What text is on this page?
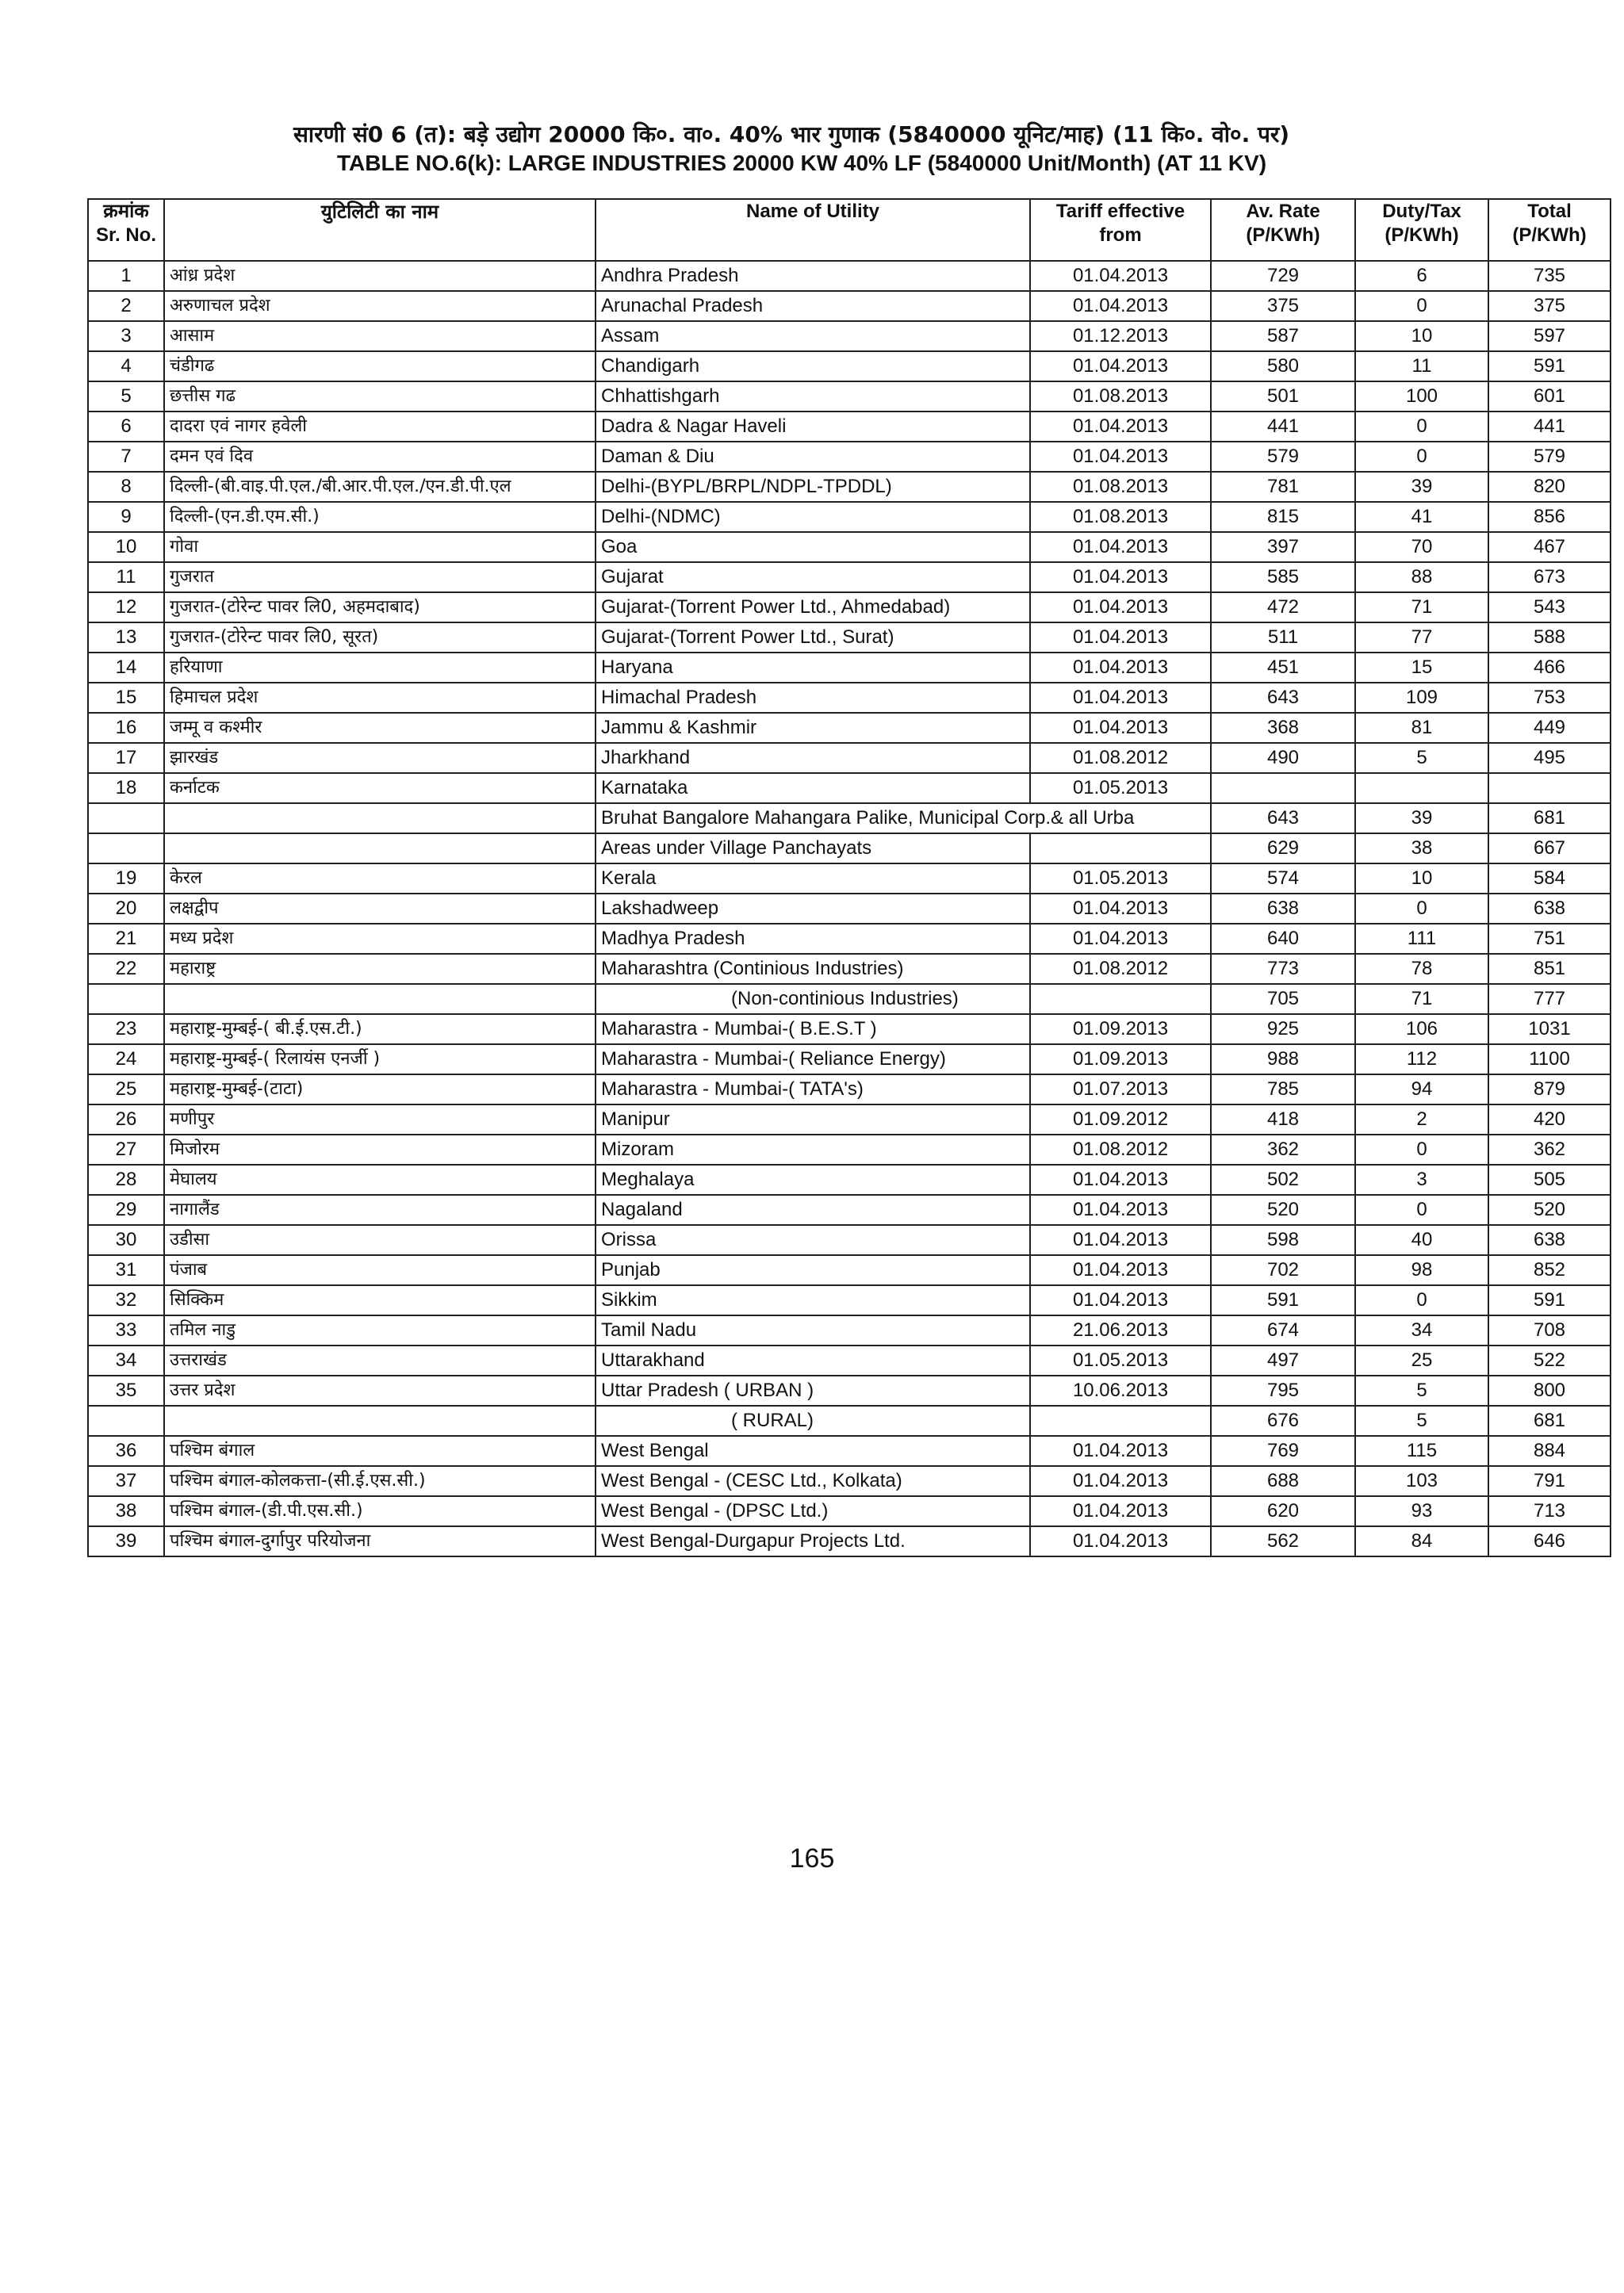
सारणी सं0 6 (त): बड़े उद्योग 20000 कि०. वा०. 40% भार गुणाक (5840000 यूनिट/माह) (11 कि०. वो०. पर)
TABLE NO.6(k): LARGE INDUSTRIES 20000 KW 40% LF (5840000 Unit/Month) (AT 11 KV)
क्रमांक Sr. No.	युटिलिटी का नाम	Name of Utility	Tariff effective from	Av. Rate (P/KWh)	Duty/Tax (P/KWh)	Total (P/KWh)
1	आंध्र प्रदेश	Andhra Pradesh	01.04.2013	729	6	735
2	अरुणाचल प्रदेश	Arunachal Pradesh	01.04.2013	375	0	375
3	आसाम	Assam	01.12.2013	587	10	597
4	चंडीगढ	Chandigarh	01.04.2013	580	11	591
5	छत्तीस गढ	Chhattishgarh	01.08.2013	501	100	601
6	दादरा एवं नागर हवेली	Dadra & Nagar Haveli	01.04.2013	441	0	441
7	दमन एवं दिव	Daman & Diu	01.04.2013	579	0	579
8	दिल्ली-(बी.वाइ.पी.एल./बी.आर.पी.एल./एन.डी.पी.एल	Delhi-(BYPL/BRPL/NDPL-TPDDL)	01.08.2013	781	39	820
9	दिल्ली-(एन.डी.एम.सी.)	Delhi-(NDMC)	01.08.2013	815	41	856
10	गोवा	Goa	01.04.2013	397	70	467
11	गुजरात	Gujarat	01.04.2013	585	88	673
12	गुजरात-(टोरेन्ट पावर लि0, अहमदाबाद)	Gujarat-(Torrent Power Ltd., Ahmedabad)	01.04.2013	472	71	543
13	गुजरात-(टोरेन्ट पावर लि0, सूरत)	Gujarat-(Torrent Power Ltd., Surat)	01.04.2013	511	77	588
14	हरियाणा	Haryana	01.04.2013	451	15	466
15	हिमाचल प्रदेश	Himachal Pradesh	01.04.2013	643	109	753
16	जम्मू व कश्मीर	Jammu & Kashmir	01.04.2013	368	81	449
17	झारखंड	Jharkhand	01.08.2012	490	5	495
18	कर्नाटक	Karnataka	01.05.2013			
		Bruhat Bangalore Mahangara Palike, Municipal Corp.& all Urba		643	39	681
		Areas under Village Panchayats		629	38	667
19	केरल	Kerala	01.05.2013	574	10	584
20	लक्षद्वीप	Lakshadweep	01.04.2013	638	0	638
21	मध्य प्रदेश	Madhya Pradesh	01.04.2013	640	111	751
22	महाराष्ट्र	Maharashtra (Continious Industries)	01.08.2012	773	78	851
		(Non-continious Industries)		705	71	777
23	महाराष्ट्र-मुम्बई-( बी.ई.एस.टी.)	Maharastra - Mumbai-( B.E.S.T )	01.09.2013	925	106	1031
24	महाराष्ट्र-मुम्बई-( रिलायंस एनर्जी )	Maharastra - Mumbai-( Reliance Energy)	01.09.2013	988	112	1100
25	महाराष्ट्र-मुम्बई-(टाटा)	Maharastra - Mumbai-( TATA's)	01.07.2013	785	94	879
26	मणीपुर	Manipur	01.09.2012	418	2	420
27	मिजोरम	Mizoram	01.08.2012	362	0	362
28	मेघालय	Meghalaya	01.04.2013	502	3	505
29	नागालैंड	Nagaland	01.04.2013	520	0	520
30	उडीसा	Orissa	01.04.2013	598	40	638
31	पंजाब	Punjab	01.04.2013	702	98	852
32	सिक्किम	Sikkim	01.04.2013	591	0	591
33	तमिल नाडु	Tamil Nadu	21.06.2013	674	34	708
34	उत्तराखंड	Uttarakhand	01.05.2013	497	25	522
35	उत्तर प्रदेश	Uttar Pradesh ( URBAN )	10.06.2013	795	5	800
		( RURAL)		676	5	681
36	पश्चिम बंगाल	West Bengal	01.04.2013	769	115	884
37	पश्चिम बंगाल-कोलकत्ता-(सी.ई.एस.सी.)	West Bengal - (CESC Ltd., Kolkata)	01.04.2013	688	103	791
38	पश्चिम बंगाल-(डी.पी.एस.सी.)	West Bengal - (DPSC Ltd.)	01.04.2013	620	93	713
39	पश्चिम बंगाल-दुर्गापुर परियोजना	West Bengal-Durgapur Projects Ltd.	01.04.2013	562	84	646
165
